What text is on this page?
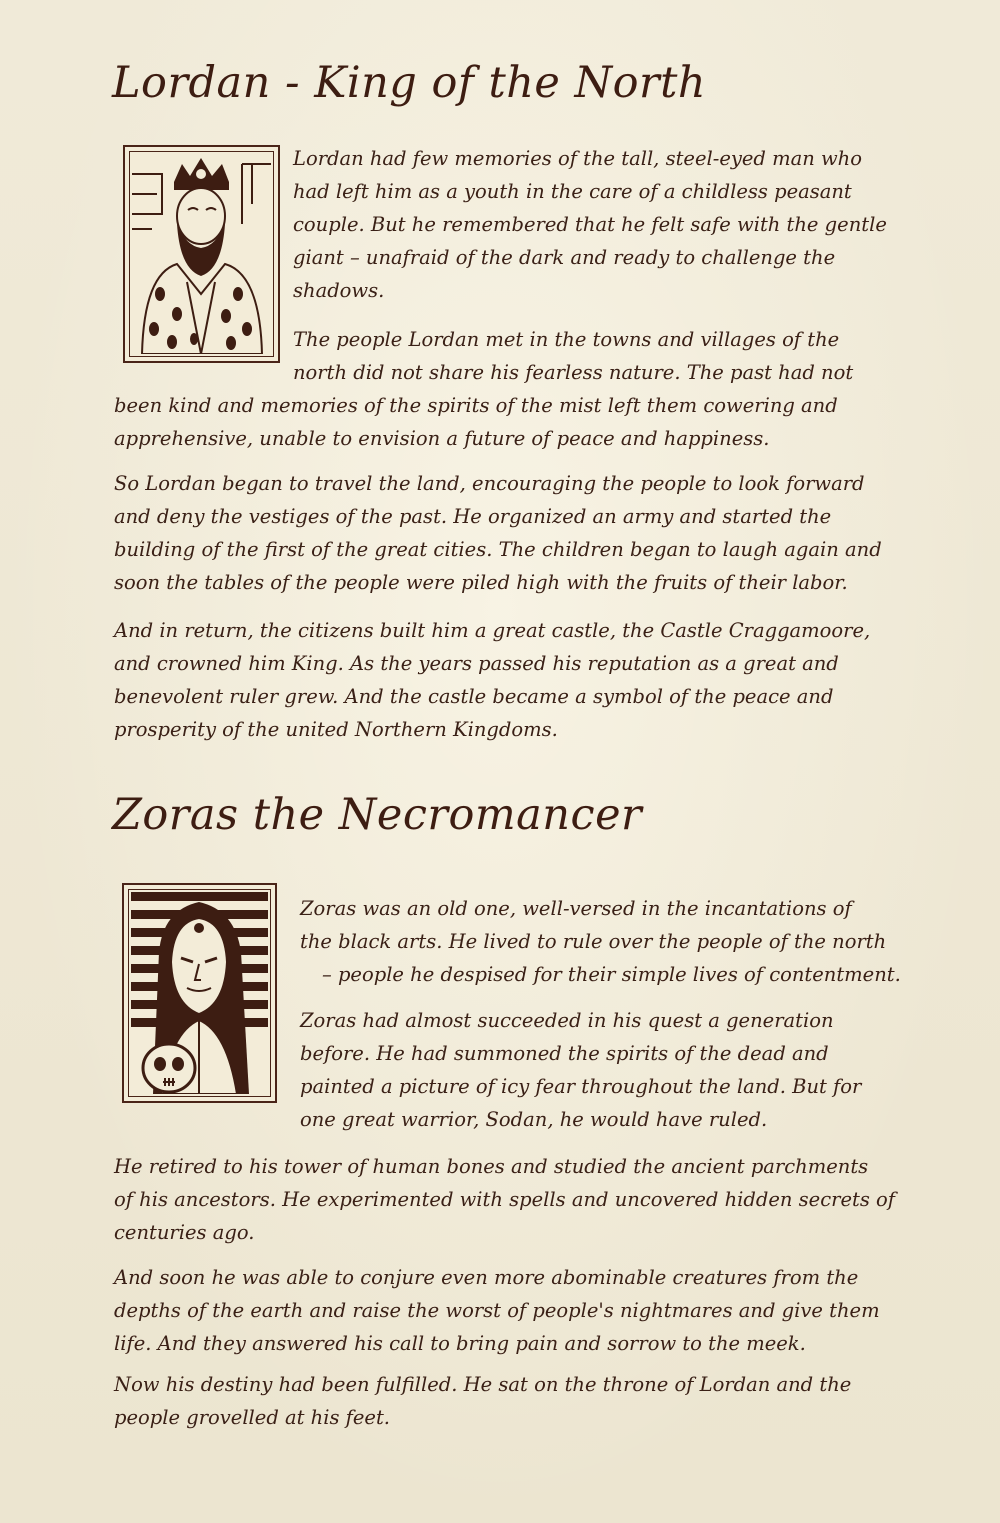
Lordan - King of the North
Lordan had few memories of the tall, steel-eyed man who
had left him as a youth in the care of a childless peasant
couple. But he remembered that he felt safe with the gentle
giant – unafraid of the dark and ready to challenge the
shadows.
The people Lordan met in the towns and villages of the
north did not share his fearless nature. The past had not
been kind and memories of the spirits of the mist left them cowering and
apprehensive, unable to envision a future of peace and happiness.
So Lordan began to travel the land, encouraging the people to look forward
and deny the vestiges of the past. He organized an army and started the
building of the first of the great cities. The children began to laugh again and
soon the tables of the people were piled high with the fruits of their labor.
And in return, the citizens built him a great castle, the Castle Craggamoore,
and crowned him King. As the years passed his reputation as a great and
benevolent ruler grew. And the castle became a symbol of the peace and
prosperity of the united Northern Kingdoms.
Zoras the Necromancer
Zoras was an old one, well-versed in the incantations of
the black arts. He lived to rule over the people of the north
– people he despised for their simple lives of contentment.
Zoras had almost succeeded in his quest a generation
before. He had summoned the spirits of the dead and
painted a picture of icy fear throughout the land. But for
one great warrior, Sodan, he would have ruled.
He retired to his tower of human bones and studied the ancient parchments
of his ancestors. He experimented with spells and uncovered hidden secrets of
centuries ago.
And soon he was able to conjure even more abominable creatures from the
depths of the earth and raise the worst of people's nightmares and give them
life. And they answered his call to bring pain and sorrow to the meek.
Now his destiny had been fulfilled. He sat on the throne of Lordan and the
people grovelled at his feet.
